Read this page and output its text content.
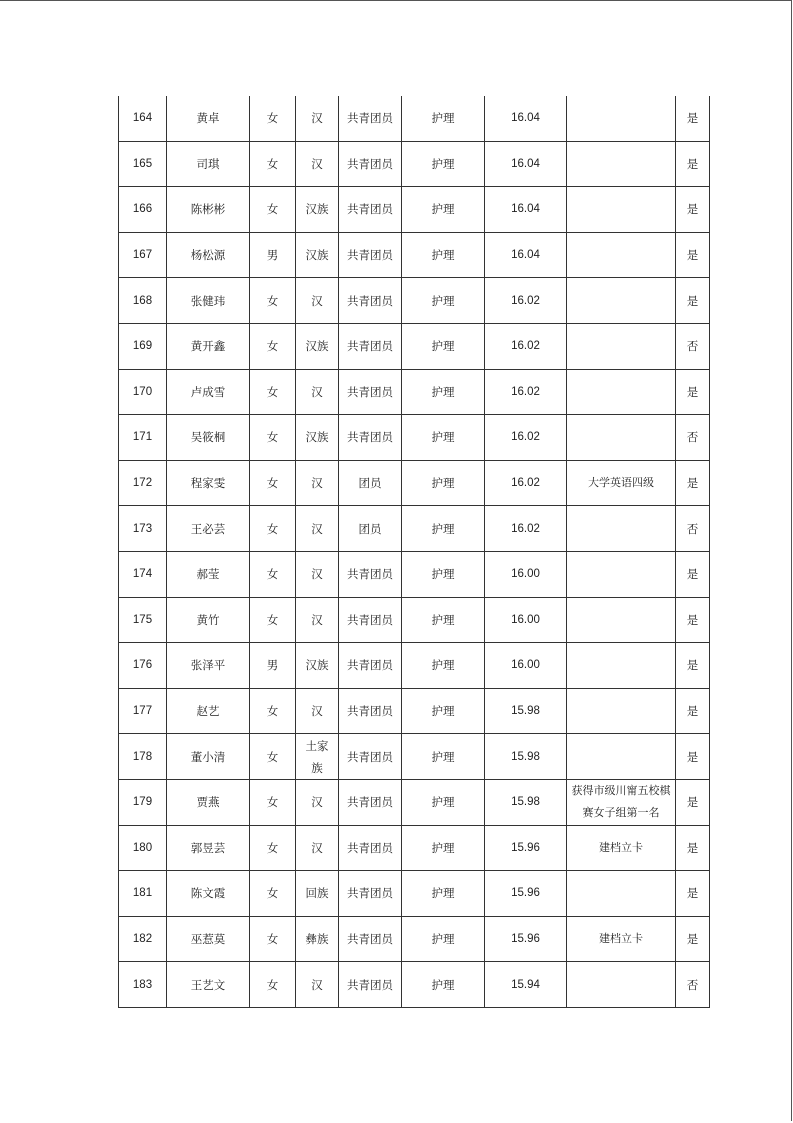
164	黄卓	女	汉	共青团员	护理	16.04		是
165	司琪	女	汉	共青团员	护理	16.04		是
166	陈彬彬	女	汉族	共青团员	护理	16.04		是
167	杨松源	男	汉族	共青团员	护理	16.04		是
168	张健玮	女	汉	共青团员	护理	16.02		是
169	黄开鑫	女	汉族	共青团员	护理	16.02		否
170	卢成雪	女	汉	共青团员	护理	16.02		是
171	吴筱桐	女	汉族	共青团员	护理	16.02		否
172	程家雯	女	汉	团员	护理	16.02	大学英语四级	是
173	王必芸	女	汉	团员	护理	16.02		否
174	郝莹	女	汉	共青团员	护理	16.00		是
175	黄竹	女	汉	共青团员	护理	16.00		是
176	张泽平	男	汉族	共青团员	护理	16.00		是
177	赵艺	女	汉	共青团员	护理	15.98		是
178	董小清	女	土家族	共青团员	护理	15.98		是
179	贾燕	女	汉	共青团员	护理	15.98	获得市级川甯五校棋赛女子组第一名	是
180	郭昱芸	女	汉	共青团员	护理	15.96	建档立卡	是
181	陈文霞	女	回族	共青团员	护理	15.96		是
182	巫惹莫	女	彝族	共青团员	护理	15.96	建档立卡	是
183	王艺文	女	汉	共青团员	护理	15.94		否
